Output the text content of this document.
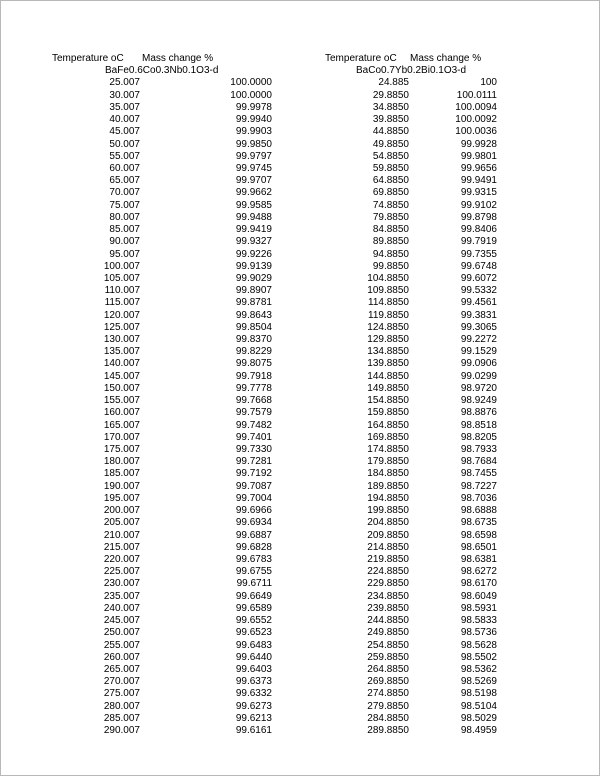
Temperature oC Mass change %
BaFe0.6Co0.3Nb0.1O3-d
25.007	100.0000
30.007	100.0000
35.007	99.9978
40.007	99.9940
45.007	99.9903
50.007	99.9850
55.007	99.9797
60.007	99.9745
65.007	99.9707
70.007	99.9662
75.007	99.9585
80.007	99.9488
85.007	99.9419
90.007	99.9327
95.007	99.9226
100.007	99.9139
105.007	99.9029
110.007	99.8907
115.007	99.8781
120.007	99.8643
125.007	99.8504
130.007	99.8370
135.007	99.8229
140.007	99.8075
145.007	99.7918
150.007	99.7778
155.007	99.7668
160.007	99.7579
165.007	99.7482
170.007	99.7401
175.007	99.7330
180.007	99.7281
185.007	99.7192
190.007	99.7087
195.007	99.7004
200.007	99.6966
205.007	99.6934
210.007	99.6887
215.007	99.6828
220.007	99.6783
225.007	99.6755
230.007	99.6711
235.007	99.6649
240.007	99.6589
245.007	99.6552
250.007	99.6523
255.007	99.6483
260.007	99.6440
265.007	99.6403
270.007	99.6373
275.007	99.6332
280.007	99.6273
285.007	99.6213
290.007	99.6161
Temperature oC Mass change %
BaCo0.7Yb0.2Bi0.1O3-d
24.885	100
29.8850	100.0111
34.8850	100.0094
39.8850	100.0092
44.8850	100.0036
49.8850	99.9928
54.8850	99.9801
59.8850	99.9656
64.8850	99.9491
69.8850	99.9315
74.8850	99.9102
79.8850	99.8798
84.8850	99.8406
89.8850	99.7919
94.8850	99.7355
99.8850	99.6748
104.8850	99.6072
109.8850	99.5332
114.8850	99.4561
119.8850	99.3831
124.8850	99.3065
129.8850	99.2272
134.8850	99.1529
139.8850	99.0906
144.8850	99.0299
149.8850	98.9720
154.8850	98.9249
159.8850	98.8876
164.8850	98.8518
169.8850	98.8205
174.8850	98.7933
179.8850	98.7684
184.8850	98.7455
189.8850	98.7227
194.8850	98.7036
199.8850	98.6888
204.8850	98.6735
209.8850	98.6598
214.8850	98.6501
219.8850	98.6381
224.8850	98.6272
229.8850	98.6170
234.8850	98.6049
239.8850	98.5931
244.8850	98.5833
249.8850	98.5736
254.8850	98.5628
259.8850	98.5502
264.8850	98.5362
269.8850	98.5269
274.8850	98.5198
279.8850	98.5104
284.8850	98.5029
289.8850	98.4959
